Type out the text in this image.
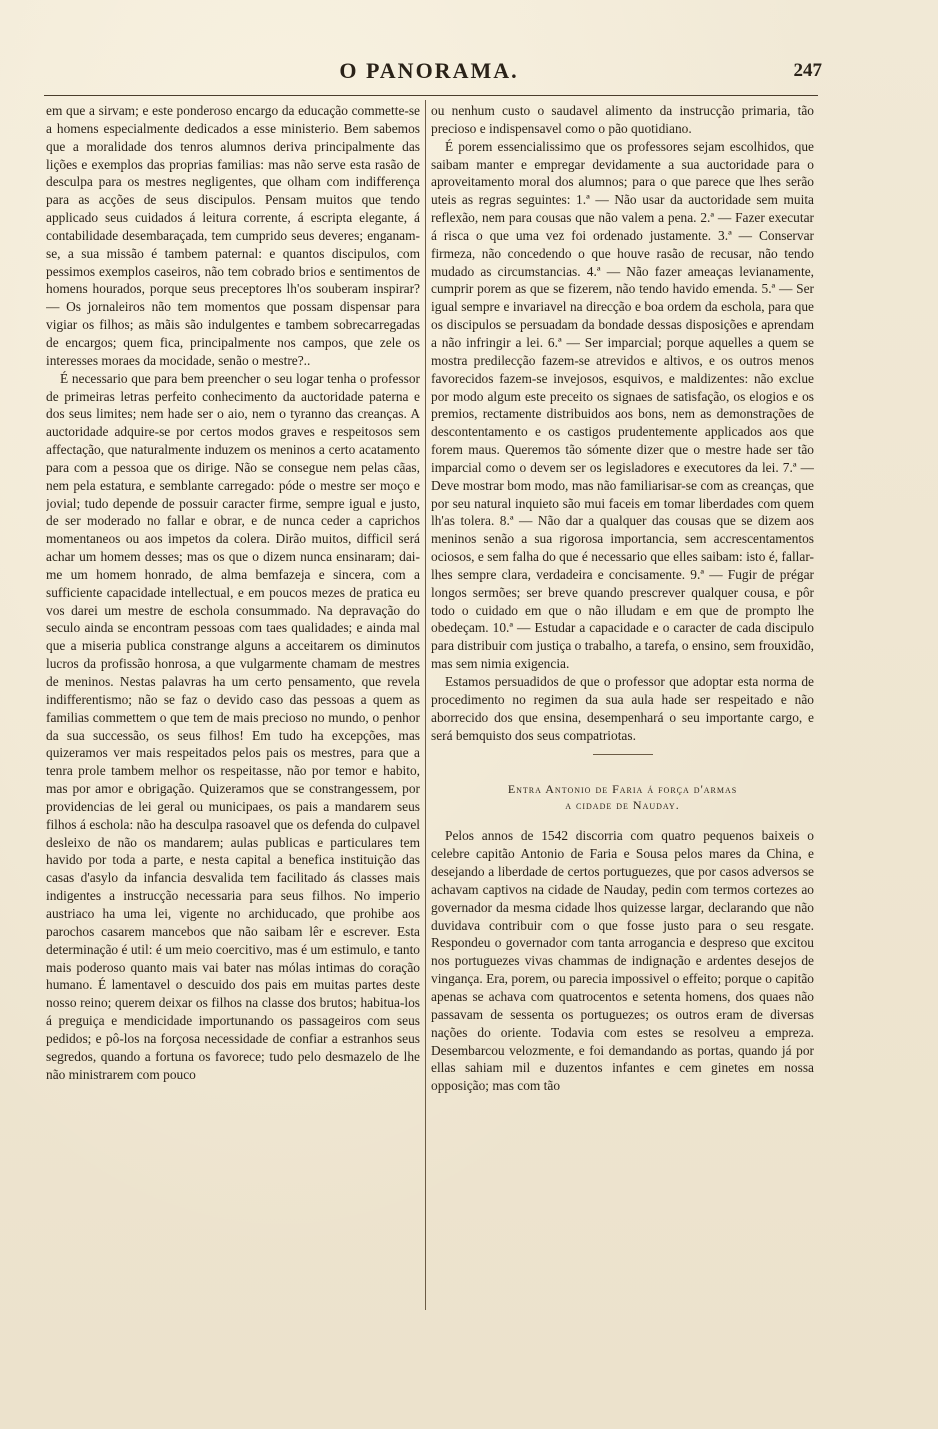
O PANORAMA.	247

em que a sirvam; e este ponderoso encargo da educação commette-se a homens especialmente dedicados a esse ministerio. Bem sabemos que a moralidade dos tenros alumnos deriva principalmente das lições e exemplos das proprias familias: mas não serve esta rasão de desculpa para os mestres negligentes, que olham com indifferença para as acções de seus discipulos. Pensam muitos que tendo applicado seus cuidados á leitura corrente, á escripta elegante, á contabilidade desembaraçada, tem cumprido seus deveres; enganam-se, a sua missão é tambem paternal: e quantos discipulos, com pessimos exemplos caseiros, não tem cobrado brios e sentimentos de homens hourados, porque seus preceptores lh'os souberam inspirar? — Os jornaleiros não tem momentos que possam dispensar para vigiar os filhos; as mãis são indulgentes e tambem sobrecarregadas de encargos; quem fica, principalmente nos campos, que zele os interesses moraes da mocidade, senão o mestre?..

É necessario que para bem preencher o seu logar tenha o professor de primeiras letras perfeito conhecimento da auctoridade paterna e dos seus limites; nem hade ser o aio, nem o tyranno das creanças. A auctoridade adquire-se por certos modos graves e respeitosos sem affectação, que naturalmente induzem os meninos a certo acatamento para com a pessoa que os dirige. Não se consegue nem pelas cãas, nem pela estatura, e semblante carregado: póde o mestre ser moço e jovial; tudo depende de possuir caracter firme, sempre igual e justo, de ser moderado no fallar e obrar, e de nunca ceder a caprichos momentaneos ou aos impetos da colera. Dirão muitos, difficil será achar um homem desses; mas os que o dizem nunca ensinaram; dai-me um homem honrado, de alma bemfazeja e sincera, com a sufficiente capacidade intellectual, e em poucos mezes de pratica eu vos darei um mestre de eschola consummado. Na depravação do seculo ainda se encontram pessoas com taes qualidades; e ainda mal que a miseria publica constrange alguns a acceitarem os diminutos lucros da profissão honrosa, a que vulgarmente chamam de mestres de meninos. Nestas palavras ha um certo pensamento, que revela indifferentismo; não se faz o devido caso das pessoas a quem as familias commettem o que tem de mais precioso no mundo, o penhor da sua successão, os seus filhos! Em tudo ha excepções, mas quizeramos ver mais respeitados pelos pais os mestres, para que a tenra prole tambem melhor os respeitasse, não por temor e habito, mas por amor e obrigação. Quizeramos que se constrangessem, por providencias de lei geral ou municipaes, os pais a mandarem seus filhos á eschola: não ha desculpa rasoavel que os defenda do culpavel desleixo de não os mandarem; aulas publicas e particulares tem havido por toda a parte, e nesta capital a benefica instituição das casas d'asylo da infancia desvalida tem facilitado ás classes mais indigentes a instrucção necessaria para seus filhos. No imperio austriaco ha uma lei, vigente no archiducado, que prohibe aos parochos casarem mancebos que não saibam lêr e escrever. Esta determinação é util: é um meio coercitivo, mas é um estimulo, e tanto mais poderoso quanto mais vai bater nas mólas intimas do coração humano. É lamentavel o descuido dos pais em muitas partes deste nosso reino; querem deixar os filhos na classe dos brutos; habitua-los á preguiça e mendicidade importunando os passageiros com seus pedidos; e pô-los na forçosa necessidade de confiar a estranhos seus segredos, quando a fortuna os favorece; tudo pelo desmazelo de lhe não ministrarem com pouco

ou nenhum custo o saudavel alimento da instrucção primaria, tão precioso e indispensavel como o pão quotidiano.

É porem essencialissimo que os professores sejam escolhidos, que saibam manter e empregar devidamente a sua auctoridade para o aproveitamento moral dos alumnos; para o que parece que lhes serão uteis as regras seguintes: 1.ª — Não usar da auctoridade sem muita reflexão, nem para cousas que não valem a pena. 2.ª — Fazer executar á risca o que uma vez foi ordenado justamente. 3.ª — Conservar firmeza, não concedendo o que houve rasão de recusar, não tendo mudado as circumstancias. 4.ª — Não fazer ameaças levianamente, cumprir porem as que se fizerem, não tendo havido emenda. 5.ª — Ser igual sempre e invariavel na direcção e boa ordem da eschola, para que os discipulos se persuadam da bondade dessas disposições e aprendam a não infringir a lei. 6.ª — Ser imparcial; porque aquelles a quem se mostra predilecção fazem-se atrevidos e altivos, e os outros menos favorecidos fazem-se invejosos, esquivos, e maldizentes: não exclue por modo algum este preceito os signaes de satisfação, os elogios e os premios, rectamente distribuidos aos bons, nem as demonstrações de descontentamento e os castigos prudentemente applicados aos que forem maus. Queremos tão sómente dizer que o mestre hade ser tão imparcial como o devem ser os legisladores e executores da lei. 7.ª — Deve mostrar bom modo, mas não familiarisar-se com as creanças, que por seu natural inquieto são mui faceis em tomar liberdades com quem lh'as tolera. 8.ª — Não dar a qualquer das cousas que se dizem aos meninos senão a sua rigorosa importancia, sem accrescentamentos ociosos, e sem falha do que é necessario que elles saibam: isto é, fallar-lhes sempre clara, verdadeira e concisamente. 9.ª — Fugir de prégar longos sermões; ser breve quando prescrever qualquer cousa, e pôr todo o cuidado em que o não illudam e em que de prompto lhe obedeçam. 10.ª — Estudar a capacidade e o caracter de cada discipulo para distribuir com justiça o trabalho, a tarefa, o ensino, sem frouxidão, mas sem nimia exigencia.

Estamos persuadidos de que o professor que adoptar esta norma de procedimento no regimen da sua aula hade ser respeitado e não aborrecido dos que ensina, desempenhará o seu importante cargo, e será bemquisto dos seus compatriotas.

Entra Antonio de Faria á força d'armas
a cidade de Nauday.

Pelos annos de 1542 discorria com quatro pequenos baixeis o celebre capitão Antonio de Faria e Sousa pelos mares da China, e desejando a liberdade de certos portuguezes, que por casos adversos se achavam captivos na cidade de Nauday, pedin com termos cortezes ao governador da mesma cidade lhos quizesse largar, declarando que não duvidava contribuir com o que fosse justo para o seu resgate. Respondeu o governador com tanta arrogancia e despreso que excitou nos portuguezes vivas chammas de indignação e ardentes desejos de vingança. Era, porem, ou parecia impossivel o effeito; porque o capitão apenas se achava com quatrocentos e setenta homens, dos quaes não passavam de sessenta os portuguezes; os outros eram de diversas nações do oriente. Todavia com estes se resolveu a empreza. Desembarcou velozmente, e foi demandando as portas, quando já por ellas sahiam mil e duzentos infantes e cem ginetes em nossa opposição; mas com tão
